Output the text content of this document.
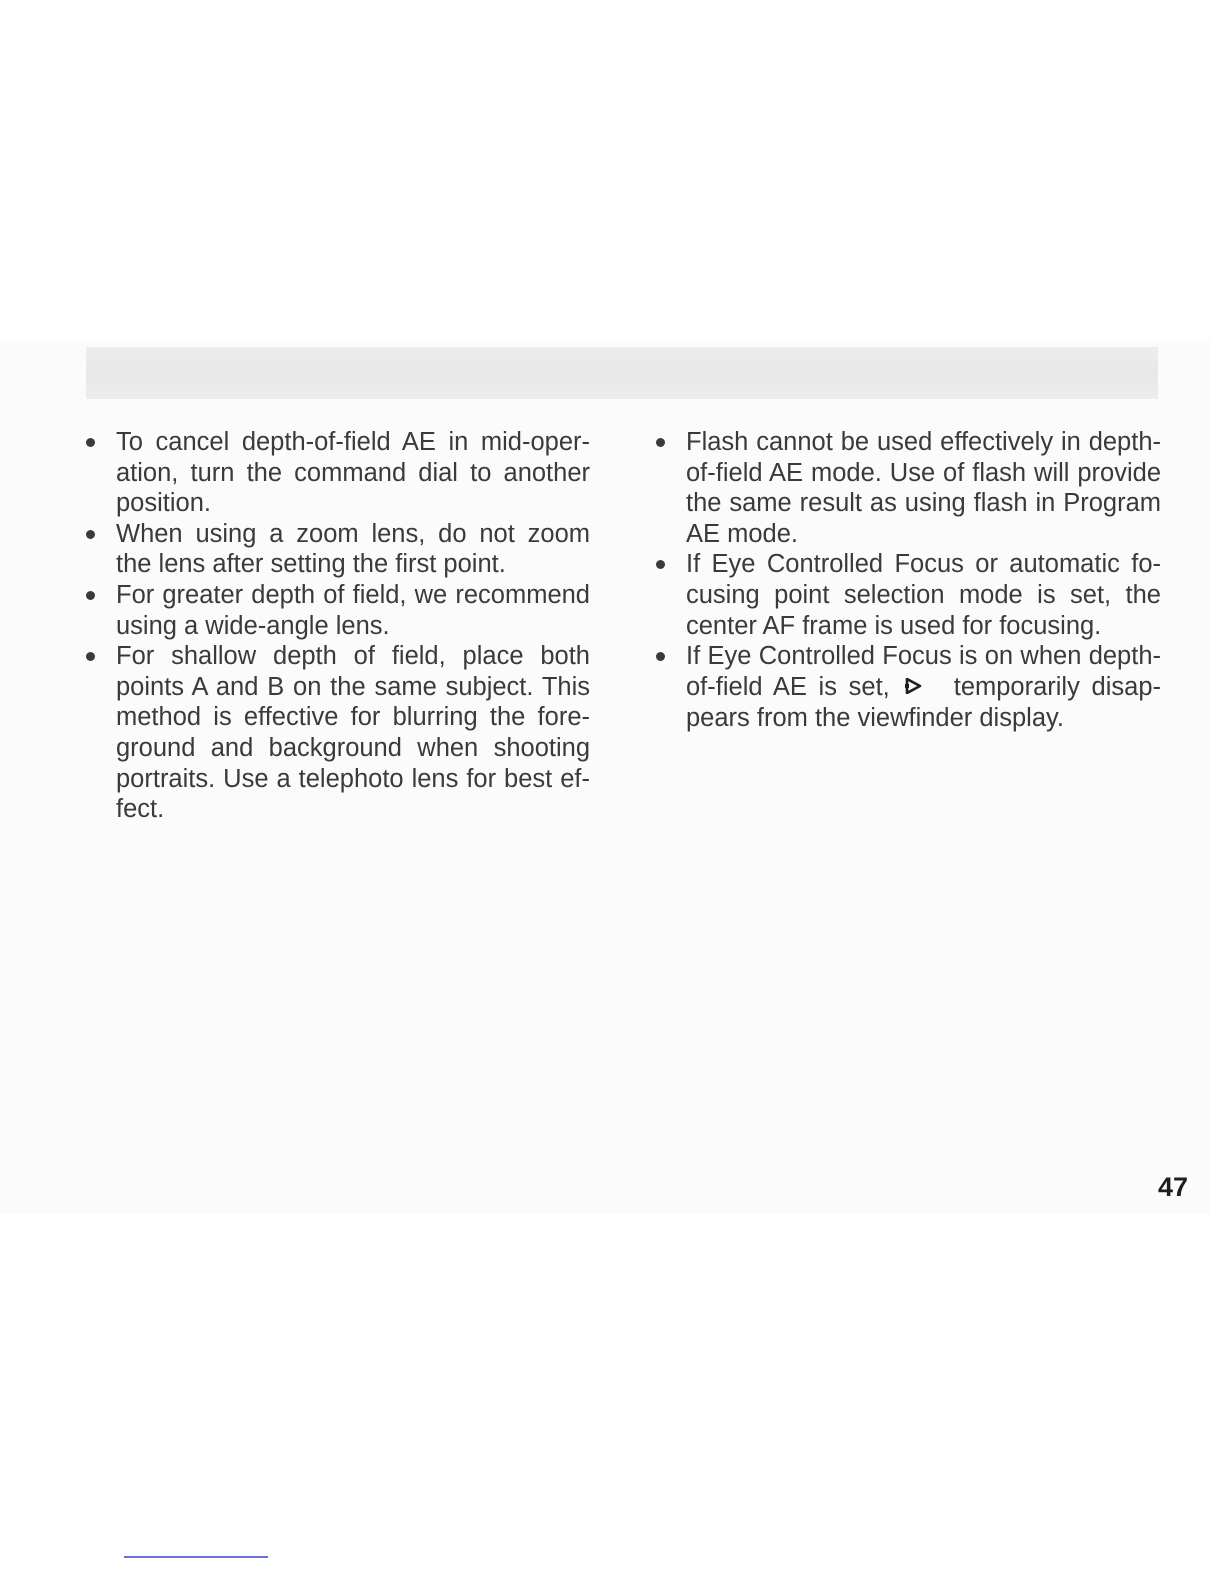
To cancel depth-of-field AE in mid-oper-ation, turn the command dial to another position.
When using a zoom lens, do not zoom the lens after setting the first point.
For greater depth of field, we recommend using a wide-angle lens.
For shallow depth of field, place both points A and B on the same subject. This method is effective for blurring the fore-ground and background when shooting portraits. Use a telephoto lens for best ef-fect.
Flash cannot be used effectively in depth-of-field AE mode. Use of flash will provide the same result as using flash in Program AE mode.
If Eye Controlled Focus or automatic fo-cusing point selection mode is set, the center AF frame is used for focusing.
If Eye Controlled Focus is on when depth-of-field AE is set,	temporarily disap-pears from the viewfinder display.
47
